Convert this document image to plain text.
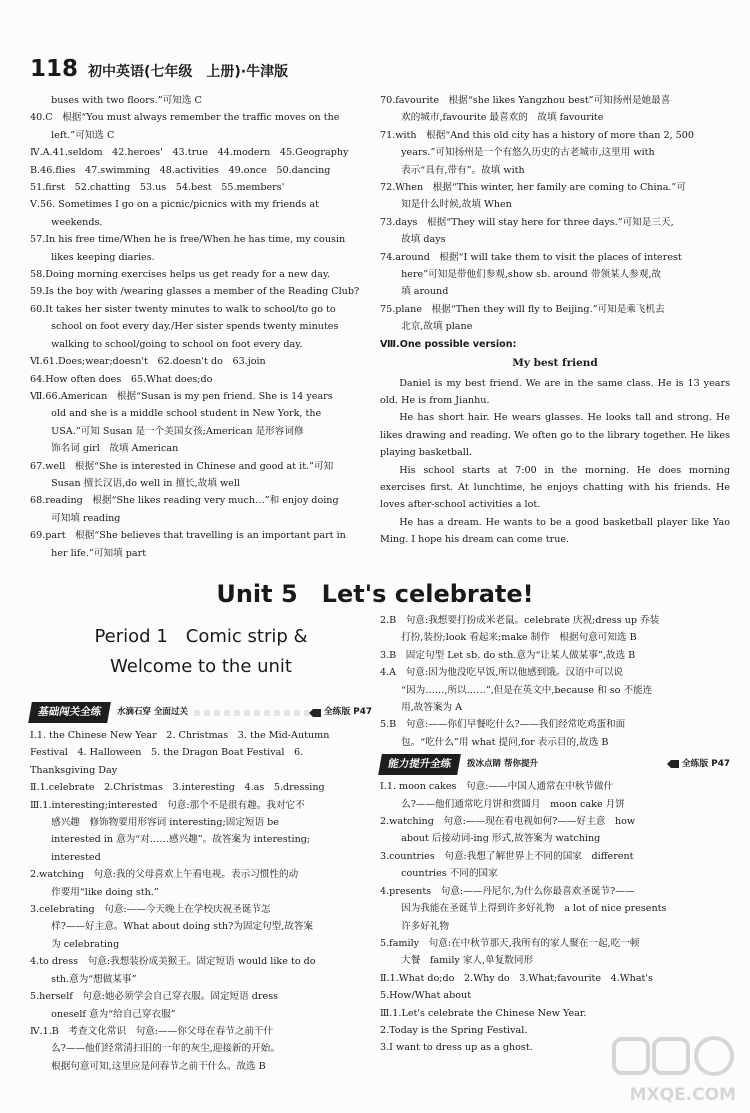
118 初中英语(七年级　上册)·牛津版

buses with two floors.”可知选 C

40.C　根据“You must always remember the traffic moves on the

left.”可知选 C

Ⅳ.A.41.seldom　42.heroes'　43.true　44.modern　45.Geography

B.46.flies　47.swimming　48.activities　49.once　50.dancing

51.first　52.chatting　53.us　54.best　55.members'

Ⅴ.56. Sometimes I go on a picnic/picnics with my friends at

weekends.

57.In his free time/When he is free/When he has time, my cousin

likes keeping diaries.

58.Doing morning exercises helps us get ready for a new day.

59.Is the boy with /wearing glasses a member of the Reading Club?

60.It takes her sister twenty minutes to walk to school/to go to

school on foot every day./Her sister spends twenty minutes

walking to school/going to school on foot every day.

Ⅵ.61.Does;wear;doesn't　62.doesn't do　63.join

64.How often does　65.What does;do

Ⅶ.66.American　根据“Susan is my pen friend. She is 14 years

old and she is a middle school student in New York, the

USA.”可知 Susan 是一个美国女孩;American 是形容词修

饰名词 girl　故填 American

67.well　根据“She is interested in Chinese and good at it.”可知

Susan 擅长汉语,do well in 擅长,故填 well

68.reading　根据“She likes reading very much…”和 enjoy doing

可知填 reading

69.part　根据“She believes that travelling is an important part in

her life.”可知填 part

70.favourite　根据“she likes Yangzhou best”可知扬州是她最喜

欢的城市,favourite 最喜欢的　故填 favourite

71.with　根据“And this old city has a history of more than 2, 500

years.”可知扬州是一个有悠久历史的古老城市,这里用 with

表示“具有,带有”。故填 with

72.When　根据“This winter, her family are coming to China.”可

知是什么时候,故填 When

73.days　根据“They will stay here for three days.”可知是三天,

故填 days

74.around　根据“I will take them to visit the places of interest

here”可知是带他们参观,show sb. around 带领某人参观,故

填 around

75.plane　根据“Then they will fly to Beijing.”可知是乘飞机去

北京,故填 plane

Ⅷ.One possible version:

My best friend

Daniel is my best friend. We are in the same class. He is 13 years old. He is from Jianhu.

He has short hair. He wears glasses. He looks tall and strong. He likes drawing and reading. We often go to the library together. He likes playing basketball.

His school starts at 7:00 in the morning. He does morning exercises first. At lunchtime, he enjoys chatting with his friends. He loves after-school activities a lot.

He has a dream. He wants to be a good basketball player like Yao Ming. I hope his dream can come true.

Unit 5　Let's celebrate!
Period 1　Comic strip &
Welcome to the unit
基础闯关全练	水滴石穿 全面过关	全练版 P47

Ⅰ.1. the Chinese New Year　2. Christmas　3. the Mid-Autumn

Festival　4. Halloween　5. the Dragon Boat Festival　6.

Thanksgiving Day

Ⅱ.1.celebrate　2.Christmas　3.interesting　4.as　5.dressing

Ⅲ.1.interesting;interested　句意:那个不是很有趣。我对它不

感兴趣　修饰物要用形容词 interesting;固定短语 be

interested in 意为“对……感兴趣”。故答案为 interesting;

interested

2.watching　句意:我的父母喜欢上午看电视。表示习惯性的动

作要用“like doing sth.”

3.celebrating　句意:——今天晚上在学校庆祝圣诞节怎

样?——好主意。What about doing sth?为固定句型,故答案

为 celebrating

4.to dress　句意:我想装扮成美猴王。固定短语 would like to do

sth.意为“想做某事”

5.herself　句意:她必须学会自己穿衣服。固定短语 dress

oneself 意为“给自己穿衣服”

Ⅳ.1.B　考查文化常识　句意:——你父母在春节之前干什

么?——他们经常清扫旧的一年的灰尘,迎接新的开始。

根据句意可知,这里应是问春节之前干什么。故选 B

2.B　句意:我想要打扮成米老鼠。celebrate 庆祝;dress up 乔装

打扮,装扮;look 看起来;make 制作　根据句意可知选 B

3.B　固定句型 Let sb. do sth.意为“让某人做某事”,故选 B

4.A　句意:因为他没吃早饭,所以他感到饿。汉语中可以说

“因为……,所以……”,但是在英文中,because 和 so 不能连

用,故答案为 A

5.B　句意:——你们早餐吃什么?——我们经常吃鸡蛋和面

包。“吃什么”用 what 提问,for 表示目的,故选 B

能力提升全练	拨冰点睛 帮你提升	全练版 P47

Ⅰ.1. moon cakes　句意:——中国人通常在中秋节做什

么?——他们通常吃月饼和赏圆月　moon cake 月饼

2.watching　句意:——现在看电视如何?——好主意　how

about 后接动词-ing 形式,故答案为 watching

3.countries　句意:我想了解世界上不同的国家　different

countries 不同的国家

4.presents　句意:——丹尼尔,为什么你最喜欢圣诞节?——

因为我能在圣诞节上得到许多好礼物　a lot of nice presents

许多好礼物

5.family　句意:在中秋节那天,我所有的家人聚在一起,吃一顿

大餐　family 家人,单复数同形

Ⅱ.1.What do;do　2.Why do　3.What;favourite　4.What's

5.How/What about

Ⅲ.1.Let's celebrate the Chinese New Year.

2.Today is the Spring Festival.

3.I want to dress up as a ghost.

MXQE.COM
